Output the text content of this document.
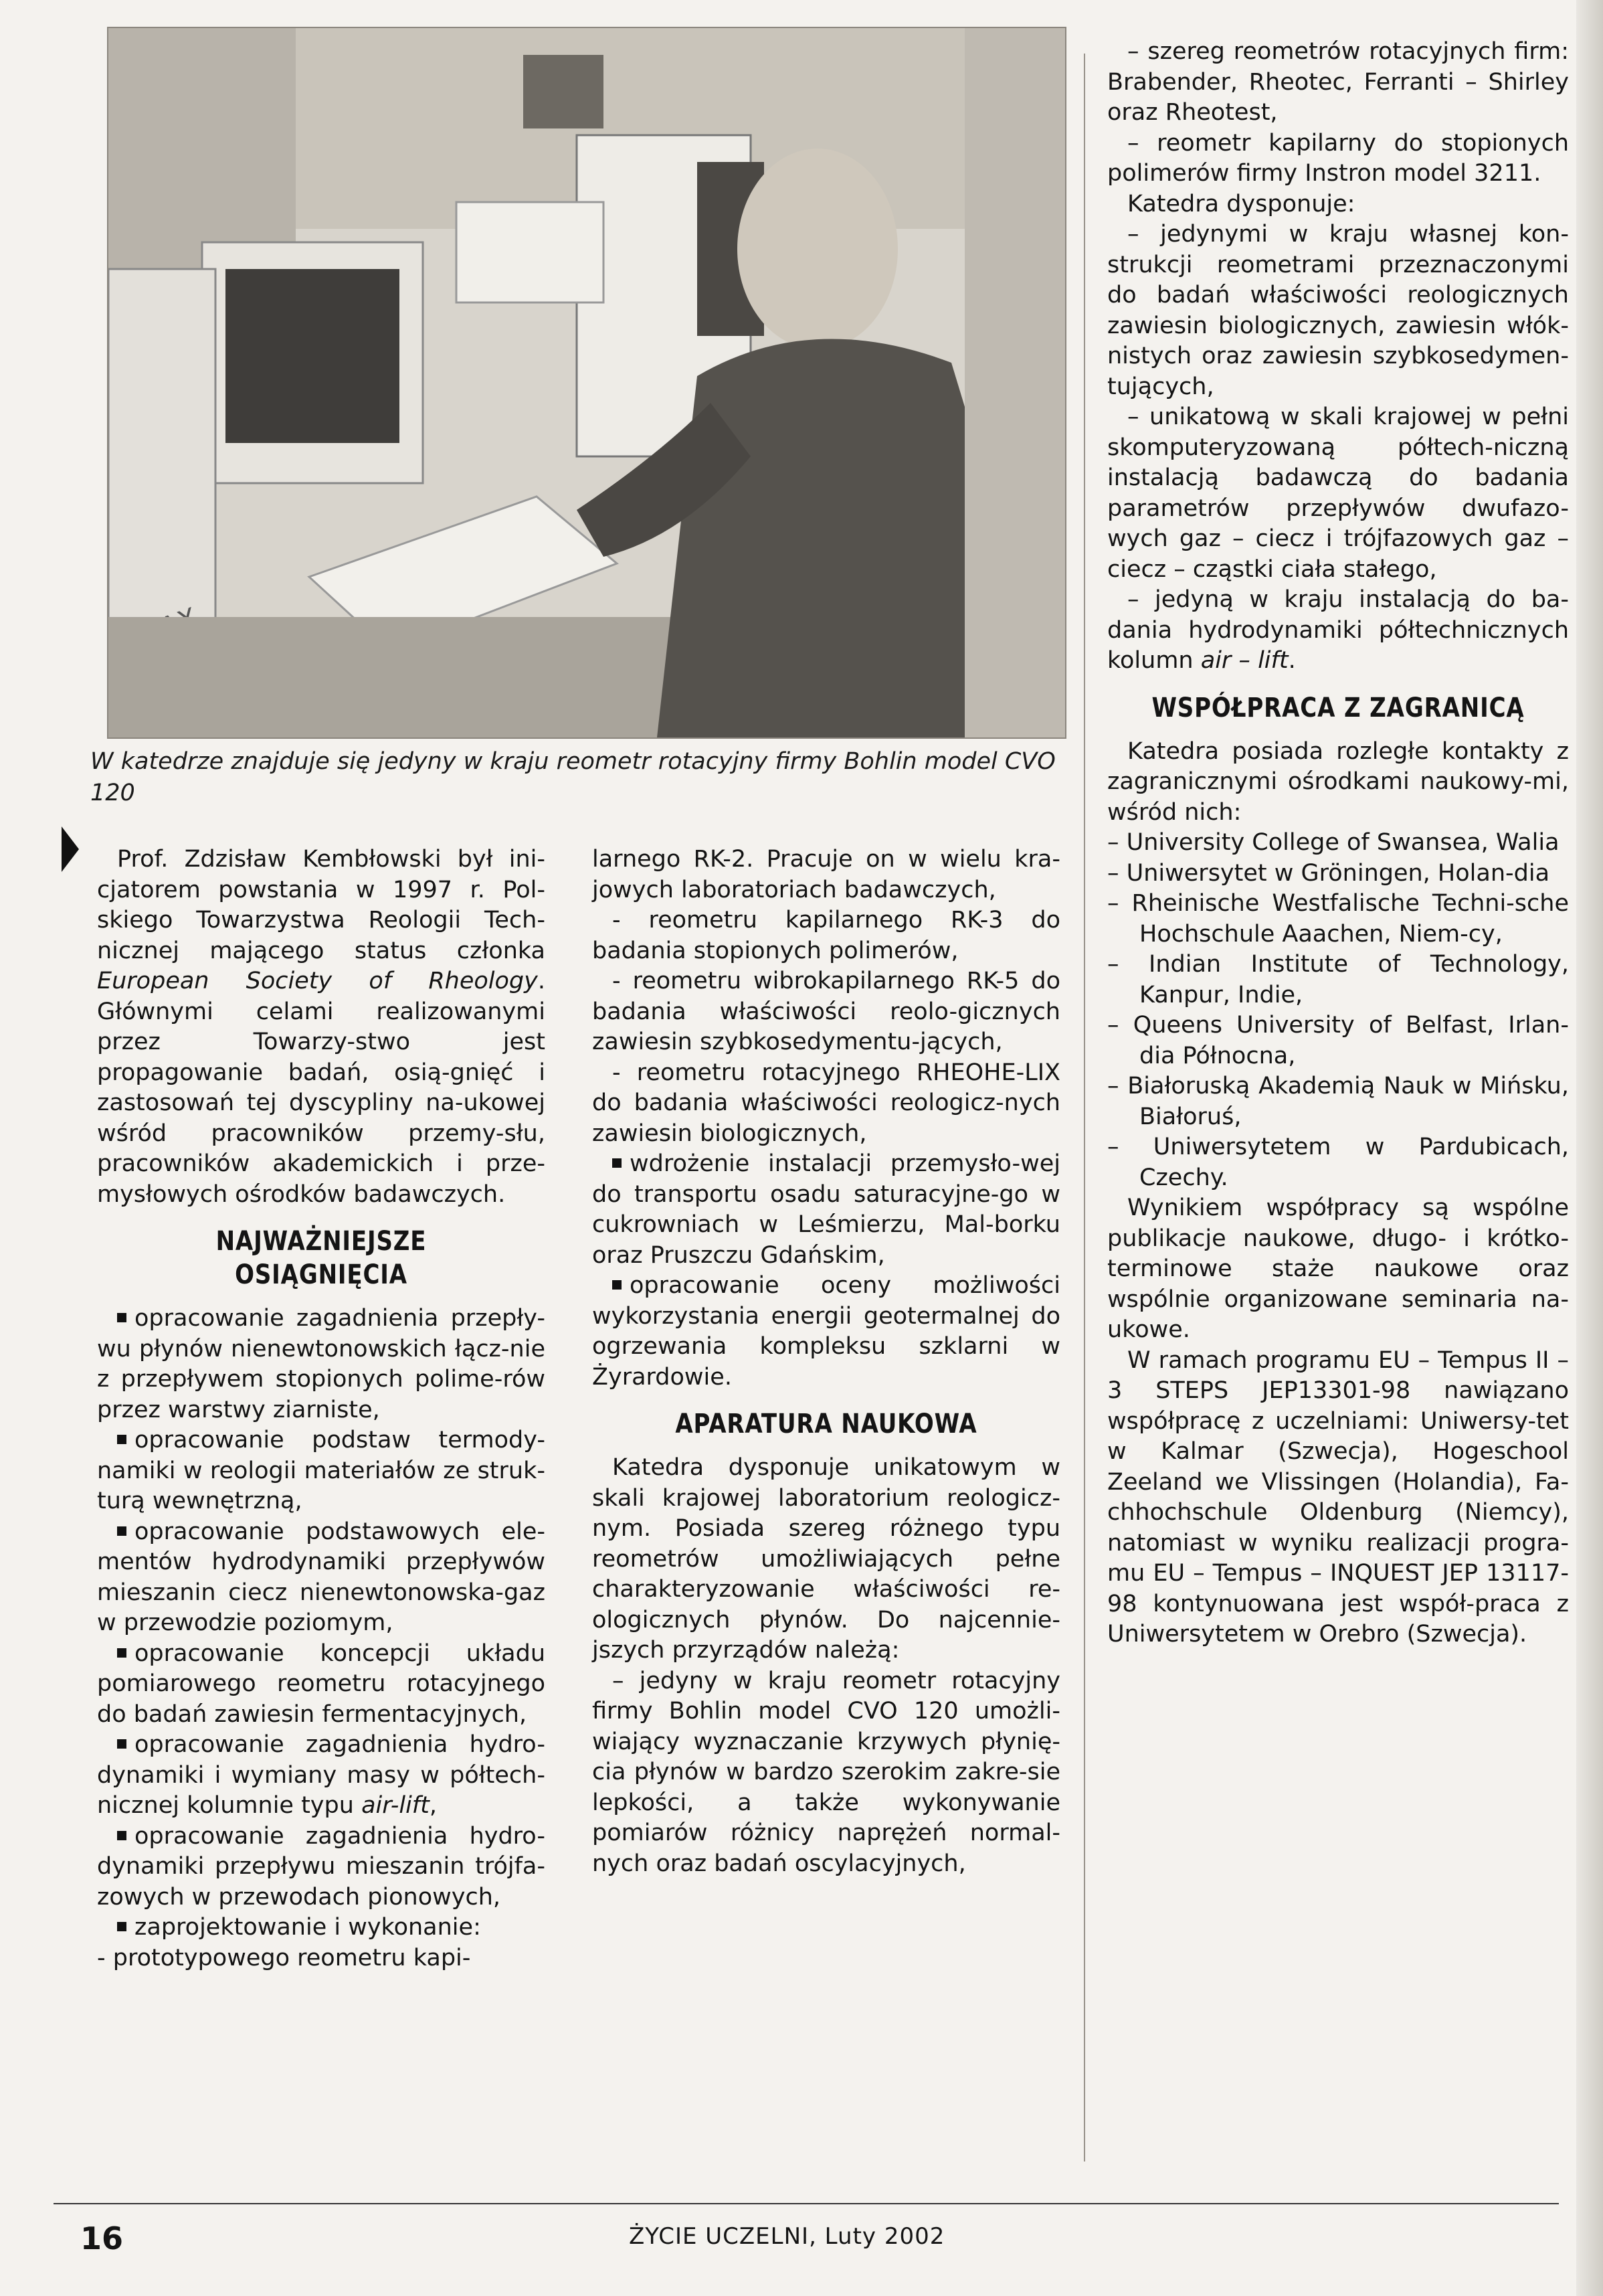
W katedrze znajduje się jedyny w kraju reometr rotacyjny firmy Bohlin model CVO 120

Prof. Zdzisław Kembłowski był ini- cjatorem powstania w 1997 r. Pol- skiego Towarzystwa Reologii Tech- nicznej mającego status członka European Society of Rheology. Głównymi celami realizowanymi przez Towarzy-stwo jest propagowanie badań, osią-gnięć i zastosowań tej dyscypliny na-ukowej wśród pracowników przemy-słu, pracowników akademickich i prze-mysłowych ośrodków badawczych.

NAJWAŻNIEJSZE OSIĄGNIĘCIA

opracowanie zagadnienia przepły-wu płynów nienewtonowskich łącz-nie z przepływem stopionych polime-rów przez warstwy ziarniste,

opracowanie podstaw termody-namiki w reologii materiałów ze struk-turą wewnętrzną,

opracowanie podstawowych ele-mentów hydrodynamiki przepływów mieszanin ciecz nienewtonowska-gaz w przewodzie poziomym,

opracowanie koncepcji układu pomiarowego reometru rotacyjnego do badań zawiesin fermentacyjnych,

opracowanie zagadnienia hydro-dynamiki i wymiany masy w półtech-nicznej kolumnie typu air-lift,

opracowanie zagadnienia hydro-dynamiki przepływu mieszanin trójfa-zowych w przewodach pionowych,

zaprojektowanie i wykonanie:

- prototypowego reometru kapi-

larnego RK-2. Pracuje on w wielu kra-jowych laboratoriach badawczych,

- reometru kapilarnego RK-3 do badania stopionych polimerów,

- reometru wibrokapilarnego RK-5 do badania właściwości reolo-gicznych zawiesin szybkosedymentu-jących,

- reometru rotacyjnego RHEOHE-LIX do badania właściwości reologicz-nych zawiesin biologicznych,

wdrożenie instalacji przemysło-wej do transportu osadu saturacyjne-go w cukrowniach w Leśmierzu, Mal-borku oraz Pruszczu Gdańskim,

opracowanie oceny możliwości wykorzystania energii geotermalnej do ogrzewania kompleksu szklarni w Żyrardowie.

APARATURA NAUKOWA

Katedra dysponuje unikatowym w skali krajowej laboratorium reologicz-nym. Posiada szereg różnego typu reometrów umożliwiających pełne charakteryzowanie właściwości re-ologicznych płynów. Do najcennie-jszych przyrządów należą:

– jedyny w kraju reometr rotacyjny firmy Bohlin model CVO 120 umożli-wiający wyznaczanie krzywych płynię-cia płynów w bardzo szerokim zakre-sie lepkości, a także wykonywanie pomiarów różnicy naprężeń normal-nych oraz badań oscylacyjnych,

– szereg reometrów rotacyjnych firm: Brabender, Rheotec, Ferranti – Shirley oraz Rheotest,

– reometr kapilarny do stopionych polimerów firmy Instron model 3211.

Katedra dysponuje:

– jedynymi w kraju własnej kon-strukcji reometrami przeznaczonymi do badań właściwości reologicznych zawiesin biologicznych, zawiesin włók-nistych oraz zawiesin szybkosedymen-tujących,

– unikatową w skali krajowej w pełni skomputeryzowaną półtech-niczną instalacją badawczą do badania parametrów przepływów dwufazo-wych gaz – ciecz i trójfazowych gaz – ciecz – cząstki ciała stałego,

– jedyną w kraju instalacją do ba-dania hydrodynamiki półtechnicznych kolumn air – lift.

WSPÓŁPRACA Z ZAGRANICĄ

Katedra posiada rozległe kontakty z zagranicznymi ośrodkami naukowy-mi, wśród nich:

– University College of Swansea, Walia

– Uniwersytet w Gröningen, Holan-dia

– Rheinische Westfalische Techni-sche Hochschule Aaachen, Niem-cy,

– Indian Institute of Technology, Kanpur, Indie,

– Queens University of Belfast, Irlan-dia Północna,

– Białoruską Akademią Nauk w Mińsku, Białoruś,

– Uniwersytetem w Pardubicach, Czechy.

Wynikiem współpracy są wspólne publikacje naukowe, długo- i krótko-terminowe staże naukowe oraz wspólnie organizowane seminaria na-ukowe.

W ramach programu EU – Tempus II – 3 STEPS JEP13301-98 nawiązano współpracę z uczelniami: Uniwersy-tet w Kalmar (Szwecja), Hogeschool Zeeland we Vlissingen (Holandia), Fa-chhochschule Oldenburg (Niemcy), natomiast w wyniku realizacji progra-mu EU – Tempus – INQUEST JEP 13117-98 kontynuowana jest współ-praca z Uniwersytetem w Orebro (Szwecja).

16	ŻYCIE UCZELNI, Luty 2002
